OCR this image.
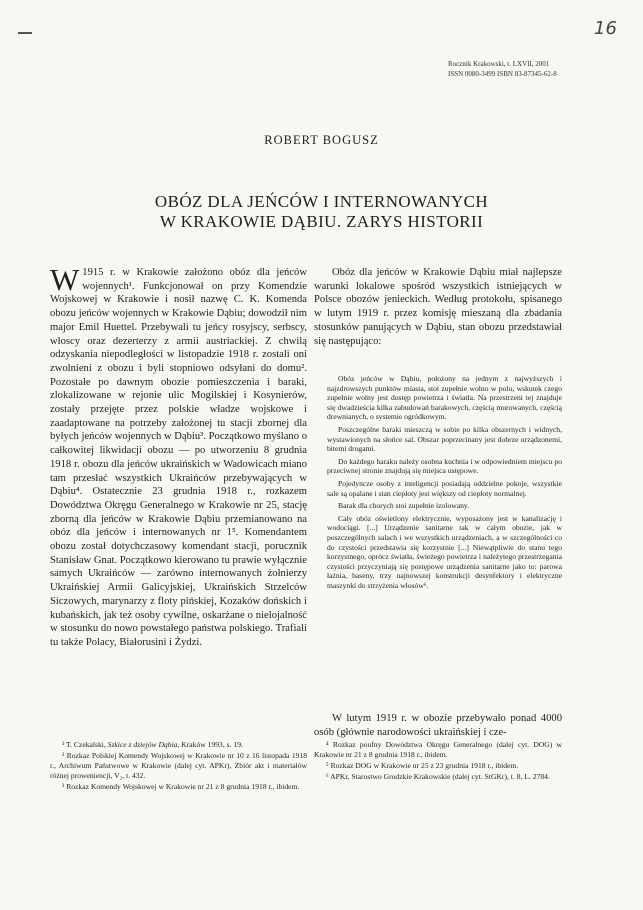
16
Rocznik Krakowski, t. LXVII, 2001
ISSN 0080-3499 ISBN 83-87345-62-8
ROBERT BOGUSZ
OBÓZ DLA JEŃCÓW I INTERNOWANYCH
W KRAKOWIE DĄBIU. ZARYS HISTORII

W 1915 r. w Krakowie założono obóz dla jeńców wojennych¹. Funkcjonował on przy Komendzie Wojskowej w Krakowie i nosił nazwę C. K. Komenda obozu jeńców wojennych w Krakowie Dąbiu; dowodził nim major Emil Huettel. Przebywali tu jeńcy rosyjscy, serbscy, włoscy oraz dezerterzy z armii austriackiej. Z chwilą odzyskania niepodległości w listopadzie 1918 r. zostali oni zwolnieni z obozu i byli stopniowo odsyłani do domu². Pozostałe po dawnym obozie pomieszczenia i baraki, zlokalizowane w rejonie ulic Mogilskiej i Kosynierów, zostały przejęte przez polskie władze wojskowe i zaadaptowane na potrzeby założonej tu stacji zbornej dla byłych jeńców wojennych w Dąbiu³. Początkowo myślano o całkowitej likwidacji obozu — po utworzeniu 8 grudnia 1918 r. obozu dla jeńców ukraińskich w Wadowicach miano tam przesłać wszystkich Ukraińców przebywających w Dąbiu⁴. Ostatecznie 23 grudnia 1918 r., rozkazem Dowództwa Okręgu Generalnego w Krakowie nr 25, stację zborną dla jeńców w Krakowie Dąbiu przemianowano na obóz dla jeńców i internowanych nr 1⁵. Komendantem obozu został dotychczasowy komendant stacji, porucznik Stanisław Gnat. Początkowo kierowano tu prawie wyłącznie samych Ukraińców — zarówno internowanych żołnierzy Ukraińskiej Armii Galicyjskiej, Ukraińskich Strzelców Siczowych, marynarzy z floty pińskiej, Kozaków dońskich i kubańskich, jak też osoby cywilne, oskarżane o nielojalność w stosunku do nowo powstałego państwa polskiego. Trafiali tu także Polacy, Białorusini i Żydzi.

Obóz dla jeńców w Krakowie Dąbiu miał najlepsze warunki lokalowe spośród wszystkich istniejących w Polsce obozów jenieckich. Według protokołu, spisanego w lutym 1919 r. przez komisję mieszaną dla zbadania stosunków panujących w Dąbiu, stan obozu przedstawiał się następująco:

Obóz jeńców w Dąbiu, położony na jednym z najwyższych i najzdrowszych punktów miasta, stoi zupełnie wolno w polu, wskutek czego zupełnie wolny jest dostęp powietrza i światła. Na przestrzeni tej znajduje się dwadzieścia kilka zabudowań barakowych, częścią murowanych, częścią drewnianych, o systemie ogródkowym.

Poszczególne baraki mieszczą w sobie po kilka obszernych i widnych, wystawionych na słońce sal. Obszar poprzecinany jest dobrze urządzonemi, bitemi drogami.

Do każdego baraku należy osobna kuchnia i w odpowiedniem miejscu po przeciwnej stronie znajdują się miejsca ustępowe.

Pojedyncze osoby z inteligencji posiadają oddzielne pokoje, wszystkie sale są opalane i stan ciepłoty jest większy od ciepłoty normalnej.

Barak dla chorych stoi zupełnie izolowany.

Cały obóz oświetlony elektrycznie, wyposażony jest w kanalizację i wodociągi. [...] Urządzenie sanitarne tak w całym obozie, jak w poszczególnych salach i we wszystkich urządzeniach, a w szczególności co do czystości przedstawia się korzystnie [...] Niewątpliwie do stanu tego korzystnego, oprócz światła, świeżego powietrza i należytego przestrzegania czystości przyczyniają się postępowe urządzenia sanitarne jako to: parowa łaźnia, baseny, trzy najnowszej konstrukcji desynfektory i elektryczne maszynki do strzyżenia włosów⁶.

W lutym 1919 r. w obozie przebywało ponad 4000 osób (głównie narodowości ukraińskiej i cze-

¹ T. Czekalski, Szkice z dziejów Dąbia, Kraków 1993, s. 19.

² Rozkaz Polskiej Komendy Wojskowej w Krakowie nr 10 z 16 listopada 1918 r., Archiwum Państwowe w Krakowie (dalej cyt. APKr), Zbiór akt i materiałów różnej proweniencji, V₂, t. 432.

³ Rozkaz Komendy Wojskowej w Krakowie nr 21 z 8 grudnia 1918 r., ibidem.

⁴ Rozkaz poufny Dowództwa Okręgu Generalnego (dalej cyt. DOG) w Krakowie nr 21 z 8 grudnia 1918 r., ibidem.

⁵ Rozkaz DOG w Krakowie nr 25 z 23 grudnia 1918 r., ibidem.

⁶ APKr, Starostwo Grodzkie Krakowskie (dalej cyt. StGKr), t. 8, L. 2784.
